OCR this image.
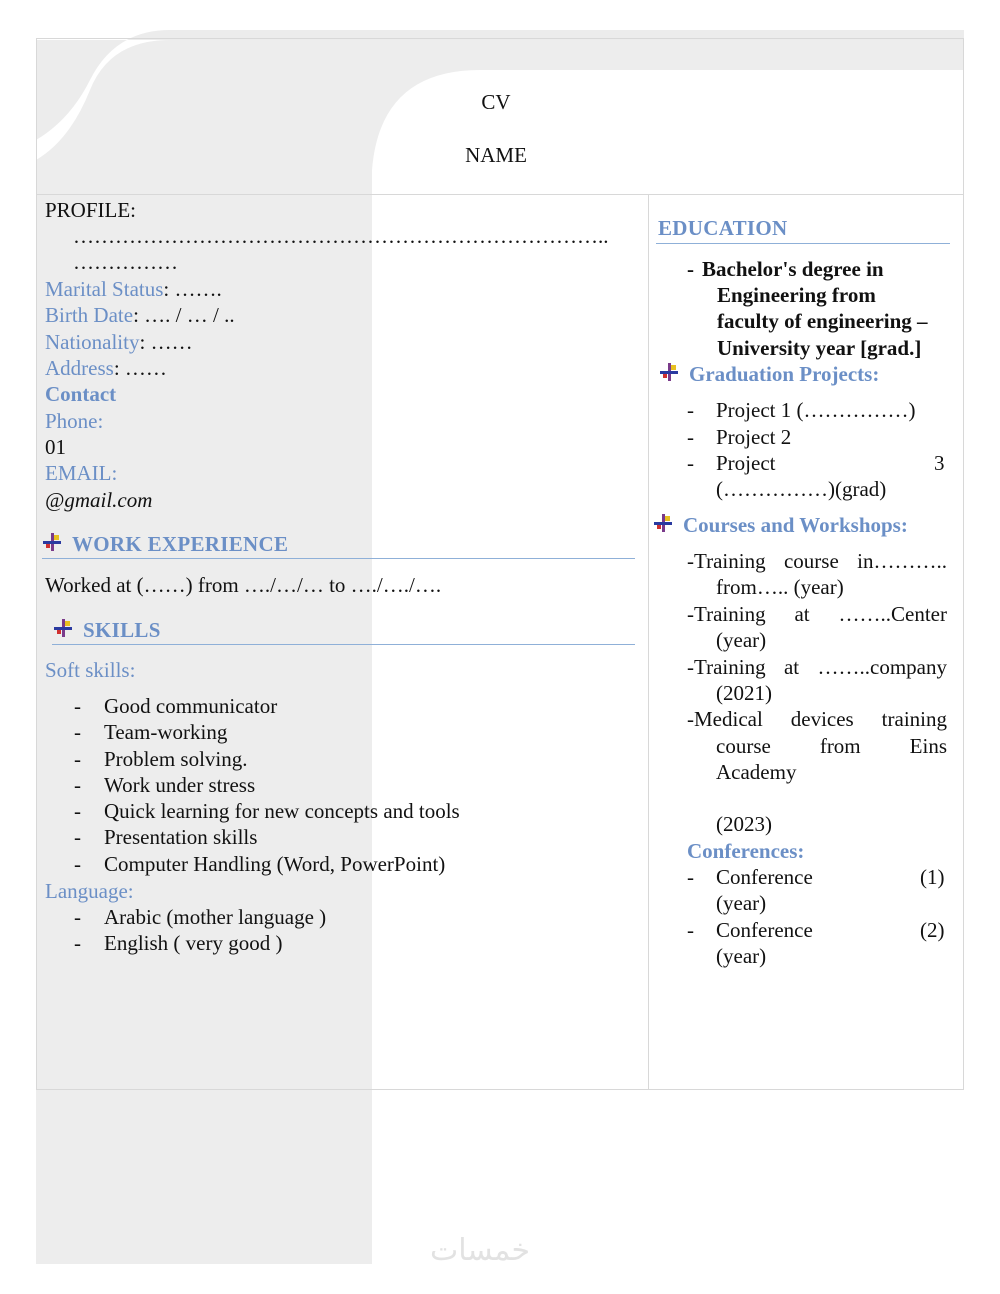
CV
NAME
PROFILE:
…………………………………………………………………..
……………
Marital Status: …….
Birth Date: …. / … / ..
Nationality: ……
Address: ……
Contact
Phone:
01
EMAIL:
@gmail.com
WORK EXPERIENCE
Worked at (……) from …./…/… to …./…./….
SKILLS
Soft skills:
- Good communicator
- Team-working
- Problem solving.
- Work under stress
- Quick learning for new concepts and tools
- Presentation skills
- Computer Handling (Word, PowerPoint)
Language:
- Arabic (mother language )
- English ( very good )
EDUCATION
- Bachelor's degree in
Engineering from
faculty of engineering –
University year [grad.]
Graduation Projects:
- Project 1 (……………)
- Project 2
- Project	3
(……………)(grad)
Courses and Workshops:
-Training course in………..
from….. (year)
-Training at ……..Center
(year)
-Training at ……..company
(2021)
-Medical devices training
course from Eins
Academy
(2023)
Conferences:
- Conference	(1)
(year)
- Conference	(2)
(year)
خمسات
